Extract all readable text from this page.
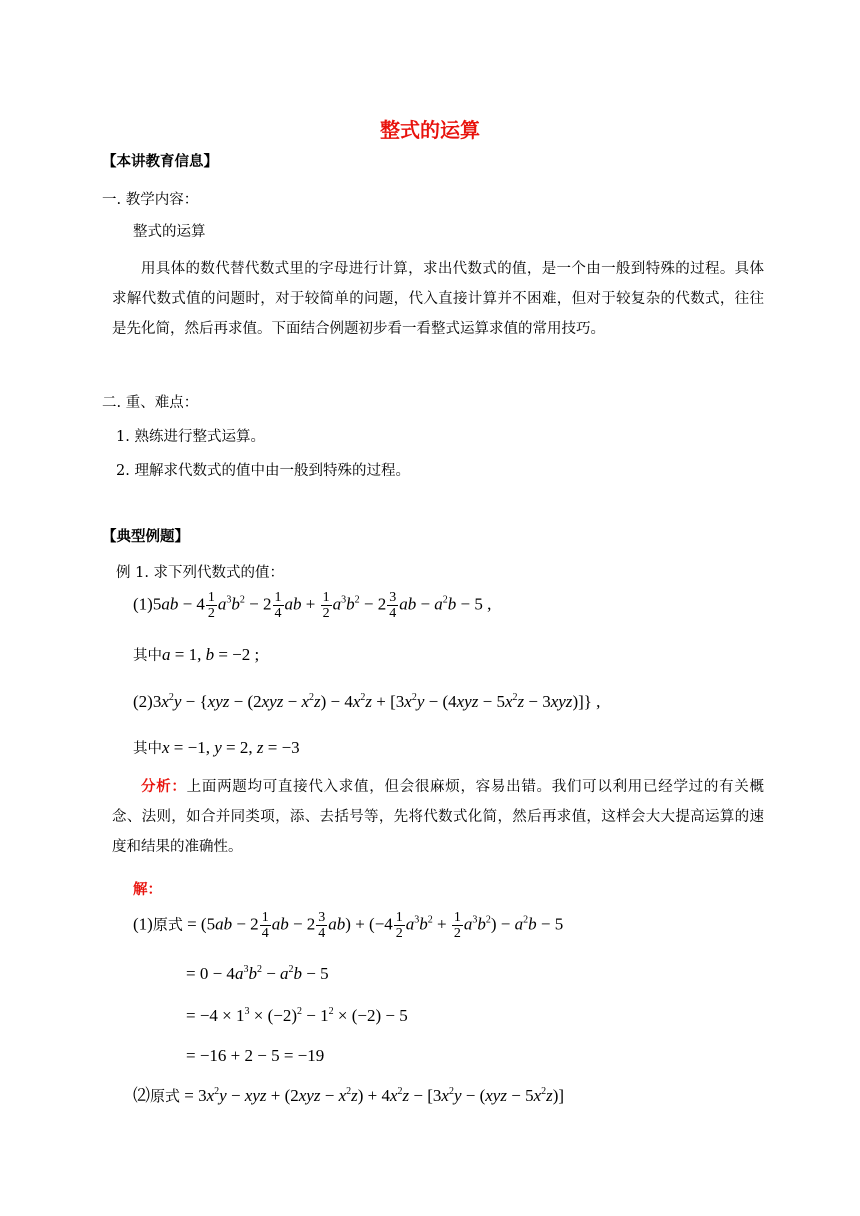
整式的运算
【本讲教育信息】
一. 教学内容：
整式的运算
用具体的数代替代数式里的字母进行计算，求出代数式的值，是一个由一般到特殊的过程。具体求解代数式值的问题时，对于较简单的问题，代入直接计算并不困难，但对于较复杂的代数式，往往是先化简，然后再求值。下面结合例题初步看一看整式运算求值的常用技巧。
二. 重、难点：
1. 熟练进行整式运算。
2. 理解求代数式的值中由一般到特殊的过程。
【典型例题】
例 1. 求下列代数式的值：
$(1)5ab - 4 \frac{1}{2} a^3b^2 - 2 \frac{1}{4}$ ab + $\frac{1}{2} a^3b^2 - 2 \frac{3}{4}$ ab − $a^2b - 5$ ,
其中a = 1, b = −2 ;
$(2)3x^2y - \{xyz - (2xyz - x^2z) - 4x^2z + [3x^2y - (4xyz - 5x^2z - 3xyz)]\}$ ,
其中x = −1, y = 2, z = −3
分析：上面两题均可直接代入求值，但会很麻烦，容易出错。我们可以利用已经学过的有关概念、法则，如合并同类项，添、去括号等，先将代数式化简，然后再求值，这样会大大提高运算的速度和结果的准确性。
解：
(1)原式 = ($5ab - 2 \frac{1}{4}$ ab − $2 \frac{3}{4} ab) + (-4 \frac{1}{2} a^3b^2 + \frac{1}{2} a^3b^2) - a^2b - 5$
= $0 - 4a^3b^2 - a^2b - 5$
= $-4 \times 1^3 \times (-2)^2 - 1^2 \times (-2) - 5$
= −16 + 2 − 5 = −19
⑵原式 = $3x^2y$ − xyz + $(2xyz - x^2z) + 4x^2z - [3x^2y - (xyz - 5x^2z)]$
